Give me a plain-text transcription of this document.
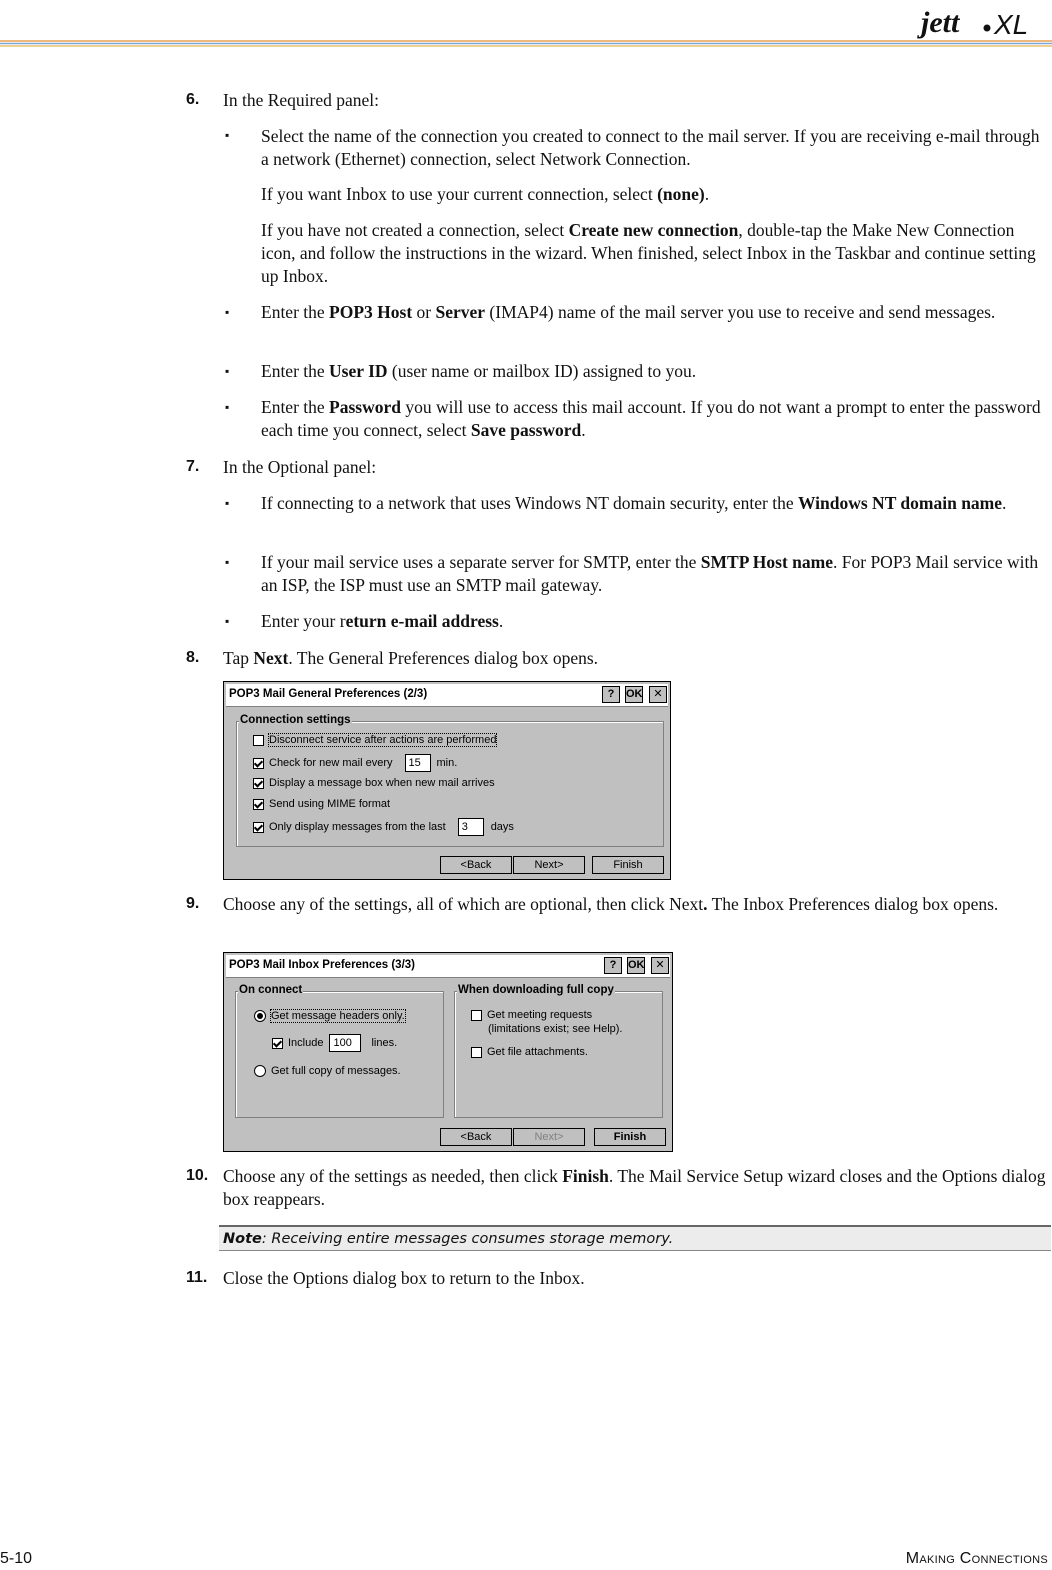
jett XL
6. In the Required panel:
▪ Select the name of the connection you created to connect to the mail server. If you are receiving e-mail through a network (Ethernet) connection, select Network Connection.
If you want Inbox to use your current connection, select (none).
If you have not created a connection, select Create new connection, double-tap the Make New Connection icon, and follow the instructions in the wizard. When finished, select Inbox in the Taskbar and continue setting up Inbox.
▪ Enter the POP3 Host or Server (IMAP4) name of the mail server you use to receive and send messages.
▪ Enter the User ID (user name or mailbox ID) assigned to you.
▪ Enter the Password you will use to access this mail account. If you do not want a prompt to enter the password each time you connect, select Save password.
7. In the Optional panel:
▪ If connecting to a network that uses Windows NT domain security, enter the Windows NT domain name.
▪ If your mail service uses a separate server for SMTP, enter the SMTP Host name. For POP3 Mail service with an ISP, the ISP must use an SMTP mail gateway.
▪ Enter your return e-mail address.
8. Tap Next. The General Preferences dialog box opens.
POP3 Mail General Preferences (2/3)	?	OK ✕
Connection settings
Disconnect service after actions are performed
Check for new mail every	15	min.
Display a message box when new mail arrives
Send using MIME format
Only display messages from the last	3	days
<Back	Next>	Finish
9. Choose any of the settings, all of which are optional, then click Next. The Inbox Preferences dialog box opens.
POP3 Mail Inbox Preferences (3/3)	?	OK ✕
On connect
Get message headers only.
Include 100	lines.
Get full copy of messages.
When downloading full copy
Get meeting requests
(limitations exist; see Help).
Get file attachments.
<Back	Next>	Finish
10. Choose any of the settings as needed, then click Finish. The Mail Service Setup wizard closes and the Options dialog box reappears.
Note: Receiving entire messages consumes storage memory.
11. Close the Options dialog box to return to the Inbox.
5-10	Making Connections
